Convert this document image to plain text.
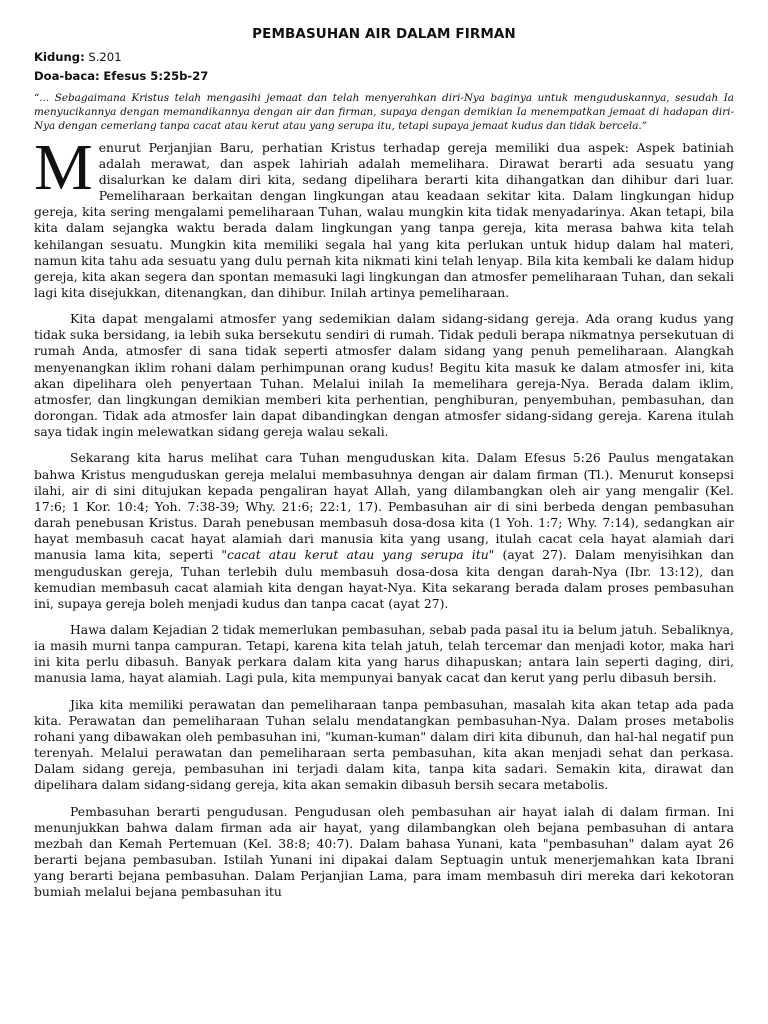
PEMBASUHAN AIR DALAM FIRMAN
Kidung: S.201
Doa-baca: Efesus 5:25b-27

“... Sebagaimana Kristus telah mengasihi jemaat dan telah menyerahkan diri-Nya baginya untuk menguduskannya, sesudah Ia menyucikannya dengan memandikannya dengan air dan firman, supaya dengan demikian Ia menempatkan jemaat di hadapan diri-Nya dengan cemerlang tanpa cacat atau kerut atau yang serupa itu, tetapi supaya jemaat kudus dan tidak bercela.”

Menurut Perjanjian Baru, perhatian Kristus terhadap gereja memiliki dua aspek: Aspek batiniah adalah merawat, dan aspek lahiriah adalah memelihara. Dirawat berarti ada sesuatu yang disalurkan ke dalam diri kita, sedang dipelihara berarti kita dihangatkan dan dihibur dari luar. Pemeliharaan berkaitan dengan lingkungan atau keadaan sekitar kita. Dalam lingkungan hidup gereja, kita sering mengalami pemeliharaan Tuhan, walau mungkin kita tidak menyadarinya. Akan tetapi, bila kita dalam sejangka waktu berada dalam lingkungan yang tanpa gereja, kita merasa bahwa kita telah kehilangan sesuatu. Mungkin kita memiliki segala hal yang kita perlukan untuk hidup dalam hal materi, namun kita tahu ada sesuatu yang dulu pernah kita nikmati kini telah lenyap. Bila kita kembali ke dalam hidup gereja, kita akan segera dan spontan memasuki lagi lingkungan dan atmosfer pemeliharaan Tuhan, dan sekali lagi kita disejukkan, ditenangkan, dan dihibur. Inilah artinya pemeliharaan.

Kita dapat mengalami atmosfer yang sedemikian dalam sidang-sidang gereja. Ada orang kudus yang tidak suka bersidang, ia lebih suka bersekutu sendiri di rumah. Tidak peduli berapa nikmatnya persekutuan di rumah Anda, atmosfer di sana tidak seperti atmosfer dalam sidang yang penuh pemeliharaan. Alangkah menyenangkan iklim rohani dalam perhimpunan orang kudus! Begitu kita masuk ke dalam atmosfer ini, kita akan dipelihara oleh penyertaan Tuhan. Melalui inilah Ia memelihara gereja-Nya. Berada dalam iklim, atmosfer, dan lingkungan demikian memberi kita perhentian, penghiburan, penyembuhan, pembasuhan, dan dorongan. Tidak ada atmosfer lain dapat dibandingkan dengan atmosfer sidang-sidang gereja. Karena itulah saya tidak ingin melewatkan sidang gereja walau sekali.

Sekarang kita harus melihat cara Tuhan menguduskan kita. Dalam Efesus 5:26 Paulus mengatakan bahwa Kristus menguduskan gereja melalui membasuhnya dengan air dalam firman (Tl.). Menurut konsepsi ilahi, air di sini ditujukan kepada pengaliran hayat Allah, yang dilambangkan oleh air yang mengalir (Kel. 17:6; 1 Kor. 10:4; Yoh. 7:38-39; Why. 21:6; 22:1, 17). Pembasuhan air di sini berbeda dengan pembasuhan darah penebusan Kristus. Darah penebusan membasuh dosa-dosa kita (1 Yoh. 1:7; Why. 7:14), sedangkan air hayat membasuh cacat hayat alamiah dari manusia kita yang usang, itulah cacat cela hayat alamiah dari manusia lama kita, seperti "cacat atau kerut atau yang serupa itu" (ayat 27). Dalam menyisihkan dan menguduskan gereja, Tuhan terlebih dulu membasuh dosa-dosa kita dengan darah-Nya (Ibr. 13:12), dan kemudian membasuh cacat alamiah kita dengan hayat-Nya. Kita sekarang berada dalam proses pembasuhan ini, supaya gereja boleh menjadi kudus dan tanpa cacat (ayat 27).

Hawa dalam Kejadian 2 tidak memerlukan pembasuhan, sebab pada pasal itu ia belum jatuh. Sebaliknya, ia masih murni tanpa campuran. Tetapi, karena kita telah jatuh, telah tercemar dan menjadi kotor, maka hari ini kita perlu dibasuh. Banyak perkara dalam kita yang harus dihapuskan; antara lain seperti daging, diri, manusia lama, hayat alamiah. Lagi pula, kita mempunyai banyak cacat dan kerut yang perlu dibasuh bersih.

Jika kita memiliki perawatan dan pemeliharaan tanpa pembasuhan, masalah kita akan tetap ada pada kita. Perawatan dan pemeliharaan Tuhan selalu mendatangkan pembasuhan-Nya. Dalam proses metabolis rohani yang dibawakan oleh pembasuhan ini, "kuman-kuman" dalam diri kita dibunuh, dan hal-hal negatif pun terenyah. Melalui perawatan dan pemeliharaan serta pembasuhan, kita akan menjadi sehat dan perkasa. Dalam sidang gereja, pembasuhan ini terjadi dalam kita, tanpa kita sadari. Semakin kita, dirawat dan dipelihara dalam sidang-sidang gereja, kita akan semakin dibasuh bersih secara metabolis.

Pembasuhan berarti pengudusan. Pengudusan oleh pembasuhan air hayat ialah di dalam firman. Ini menunjukkan bahwa dalam firman ada air hayat, yang dilambangkan oleh bejana pembasuhan di antara mezbah dan Kemah Pertemuan (Kel. 38:8; 40:7). Dalam bahasa Yunani, kata "pembasuhan" dalam ayat 26 berarti bejana pembasuban. Istilah Yunani ini dipakai dalam Septuagin untuk menerjemahkan kata Ibrani yang berarti bejana pembasuhan. Dalam Perjanjian Lama, para imam membasuh diri mereka dari kekotoran bumiah melalui bejana pembasuhan itu
